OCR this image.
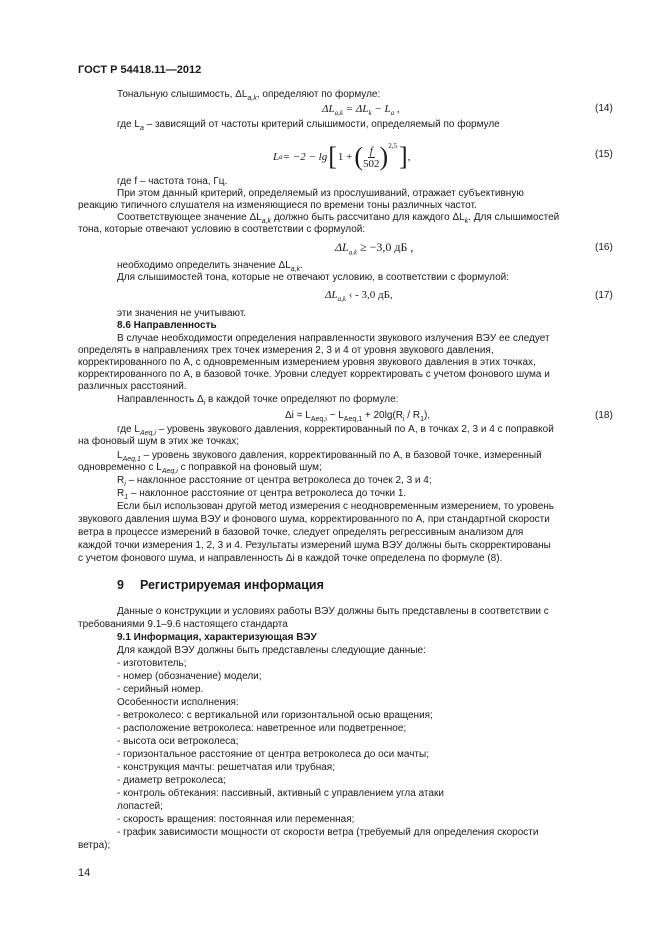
ГОСТ Р 54418.11—2012
Тональную слышимость, $\Delta L_{a,k}$, определяют по формуле:
$\Delta L_{a,k} = \Delta L_k - L_a$ ,	(14)
где $L_a$ – зависящий от частоты критерий слышимости, определяемый по формуле
L a = −2 − lg [ 1 + ( $\frac{f}{502} )^{2,5}$ ] ,	(15)
где f – частота тона, Гц.
При этом данный критерий, определяемый из прослушиваний, отражает субъективную
реакцию типичного слушателя на изменяющиеся по времени тоны различных частот.
Соответствующее значение $\Delta L_{a,k}$ должно быть рассчитано для каждого $\Delta L_k$. Для слышимостей
тона, которые отвечают условию в соответствии с формулой:
$\Delta L_{a,k} \ge -3,0$ дБ ,	(16)
необходимо определить значение $\Delta L_{a,k}$.
Для слышимостей тона, которые не отвечают условию, в соответствии с формулой:
$\Delta L_{a,k}$ ‹ - 3,0 дБ,	(17)
эти значения не учитывают.
8.6 Направленность
В случае необходимости определения направленности звукового излучения ВЭУ ее следует
определять в направлениях трех точек измерения 2, 3 и 4 от уровня звукового давления,
корректированного по A, с одновременным измерением уровня звукового давления в этих точках,
корректированного по A, в базовой точке. Уровни следует корректировать с учетом фонового шума и
различных расстояний.
Направленность $\Delta_i$ в каждой точке определяют по формуле:
$\Delta i = L_{Aeq,i} - L_{Aeq,1} + 20\lg(R_i / R_1)$,	(18)
где $L_{Aeq,i}$ – уровень звукового давления, корректированный по A, в точках 2, 3 и 4 с поправкой
на фоновый шум в этих же точках;
$L_{Aeq,1}$ – уровень звукового давления, корректированный по A, в базовой точке, измеренный
одновременно с $L_{Aeq,i}$ с поправкой на фоновый шум;
$R_i$ – наклонное расстояние от центра ветроколеса до точек 2, 3 и 4;
$R_1$ – наклонное расстояние от центра ветроколеса до точки 1.
Если был использован другой метод измерения с неодновременным измерением, то уровень
звукового давления шума ВЭУ и фонового шума, корректированного по A, при стандартной скорости
ветра в процессе измерений в базовой точке, следует определять регрессивным анализом для
каждой точки измерения 1, 2, 3 и 4. Результаты измерений шума ВЭУ должны быть скорректированы
с учетом фонового шума, и направленность Δi в каждой точке определена по формуле (8).
9 Регистрируемая информация
Данные о конструкции и условиях работы ВЭУ должны быть представлены в соответствии с
требованиями 9.1–9.6 настоящего стандарта
9.1 Информация, характеризующая ВЭУ
Для каждой ВЭУ должны быть представлены следующие данные:
- изготовитель;
- номер (обозначение) модели;
- серийный номер.
Особенности исполнения:
- ветроколесо: с вертикальной или горизонтальной осью вращения;
- расположение ветроколеса: наветренное или подветренное;
- высота оси ветроколеса;
- горизонтальное расстояние от центра ветроколеса до оси мачты;
- конструкция мачты: решетчатая или трубная;
- диаметр ветроколеса;
- контроль обтекания: пассивный, активный с управлением угла атаки
лопастей;
- скорость вращения: постоянная или переменная;
- график зависимости мощности от скорости ветра (требуемый для определения скорости
ветра);
14
